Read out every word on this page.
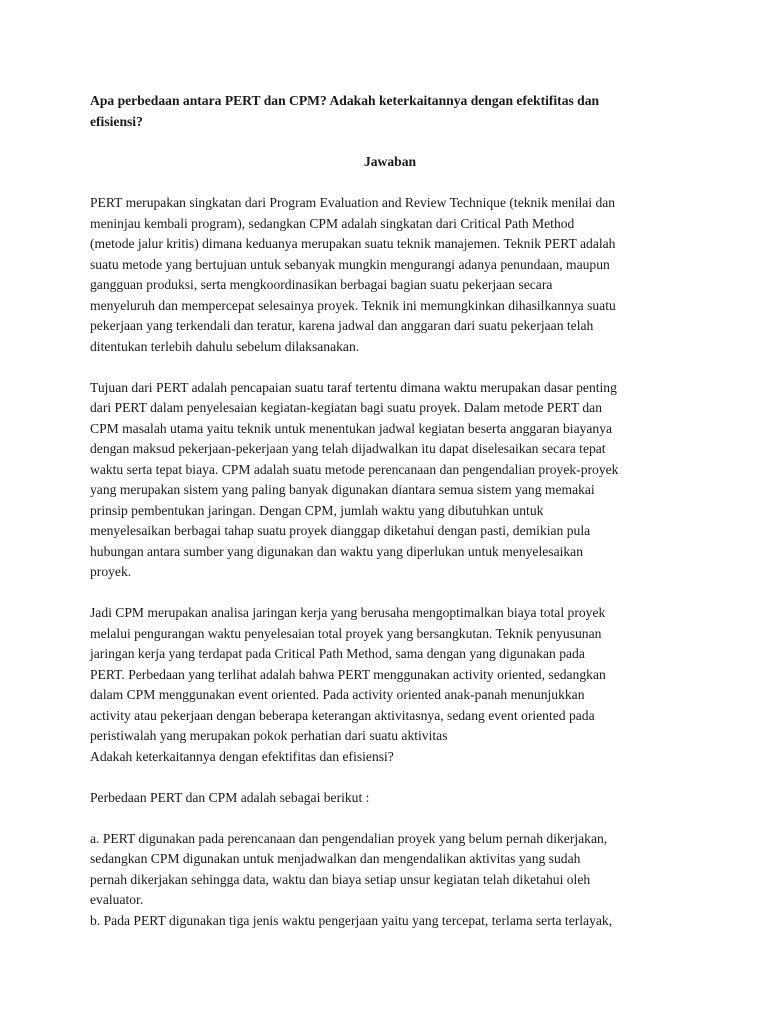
Apa perbedaan antara PERT dan CPM? Adakah keterkaitannya dengan efektifitas dan
efisiensi?
Jawaban
PERT merupakan singkatan dari Program Evaluation and Review Technique (teknik menilai dan
meninjau kembali program), sedangkan CPM adalah singkatan dari Critical Path Method
(metode jalur kritis) dimana keduanya merupakan suatu teknik manajemen. Teknik PERT adalah
suatu metode yang bertujuan untuk sebanyak mungkin mengurangi adanya penundaan, maupun
gangguan produksi, serta mengkoordinasikan berbagai bagian suatu pekerjaan secara
menyeluruh dan mempercepat selesainya proyek. Teknik ini memungkinkan dihasilkannya suatu
pekerjaan yang terkendali dan teratur, karena jadwal dan anggaran dari suatu pekerjaan telah
ditentukan terlebih dahulu sebelum dilaksanakan.
Tujuan dari PERT adalah pencapaian suatu taraf tertentu dimana waktu merupakan dasar penting
dari PERT dalam penyelesaian kegiatan-kegiatan bagi suatu proyek. Dalam metode PERT dan
CPM masalah utama yaitu teknik untuk menentukan jadwal kegiatan beserta anggaran biayanya
dengan maksud pekerjaan-pekerjaan yang telah dijadwalkan itu dapat diselesaikan secara tepat
waktu serta tepat biaya. CPM adalah suatu metode perencanaan dan pengendalian proyek-proyek
yang merupakan sistem yang paling banyak digunakan diantara semua sistem yang memakai
prinsip pembentukan jaringan. Dengan CPM, jumlah waktu yang dibutuhkan untuk
menyelesaikan berbagai tahap suatu proyek dianggap diketahui dengan pasti, demikian pula
hubungan antara sumber yang digunakan dan waktu yang diperlukan untuk menyelesaikan
proyek.
Jadi CPM merupakan analisa jaringan kerja yang berusaha mengoptimalkan biaya total proyek
melalui pengurangan waktu penyelesaian total proyek yang bersangkutan. Teknik penyusunan
jaringan kerja yang terdapat pada Critical Path Method, sama dengan yang digunakan pada
PERT. Perbedaan yang terlihat adalah bahwa PERT menggunakan activity oriented, sedangkan
dalam CPM menggunakan event oriented. Pada activity oriented anak-panah menunjukkan
activity atau pekerjaan dengan beberapa keterangan aktivitasnya, sedang event oriented pada
peristiwalah yang merupakan pokok perhatian dari suatu aktivitas
Adakah keterkaitannya dengan efektifitas dan efisiensi?
Perbedaan PERT dan CPM adalah sebagai berikut :
a. PERT digunakan pada perencanaan dan pengendalian proyek yang belum pernah dikerjakan,
sedangkan CPM digunakan untuk menjadwalkan dan mengendalikan aktivitas yang sudah
pernah dikerjakan sehingga data, waktu dan biaya setiap unsur kegiatan telah diketahui oleh
evaluator.
b. Pada PERT digunakan tiga jenis waktu pengerjaan yaitu yang tercepat, terlama serta terlayak,
